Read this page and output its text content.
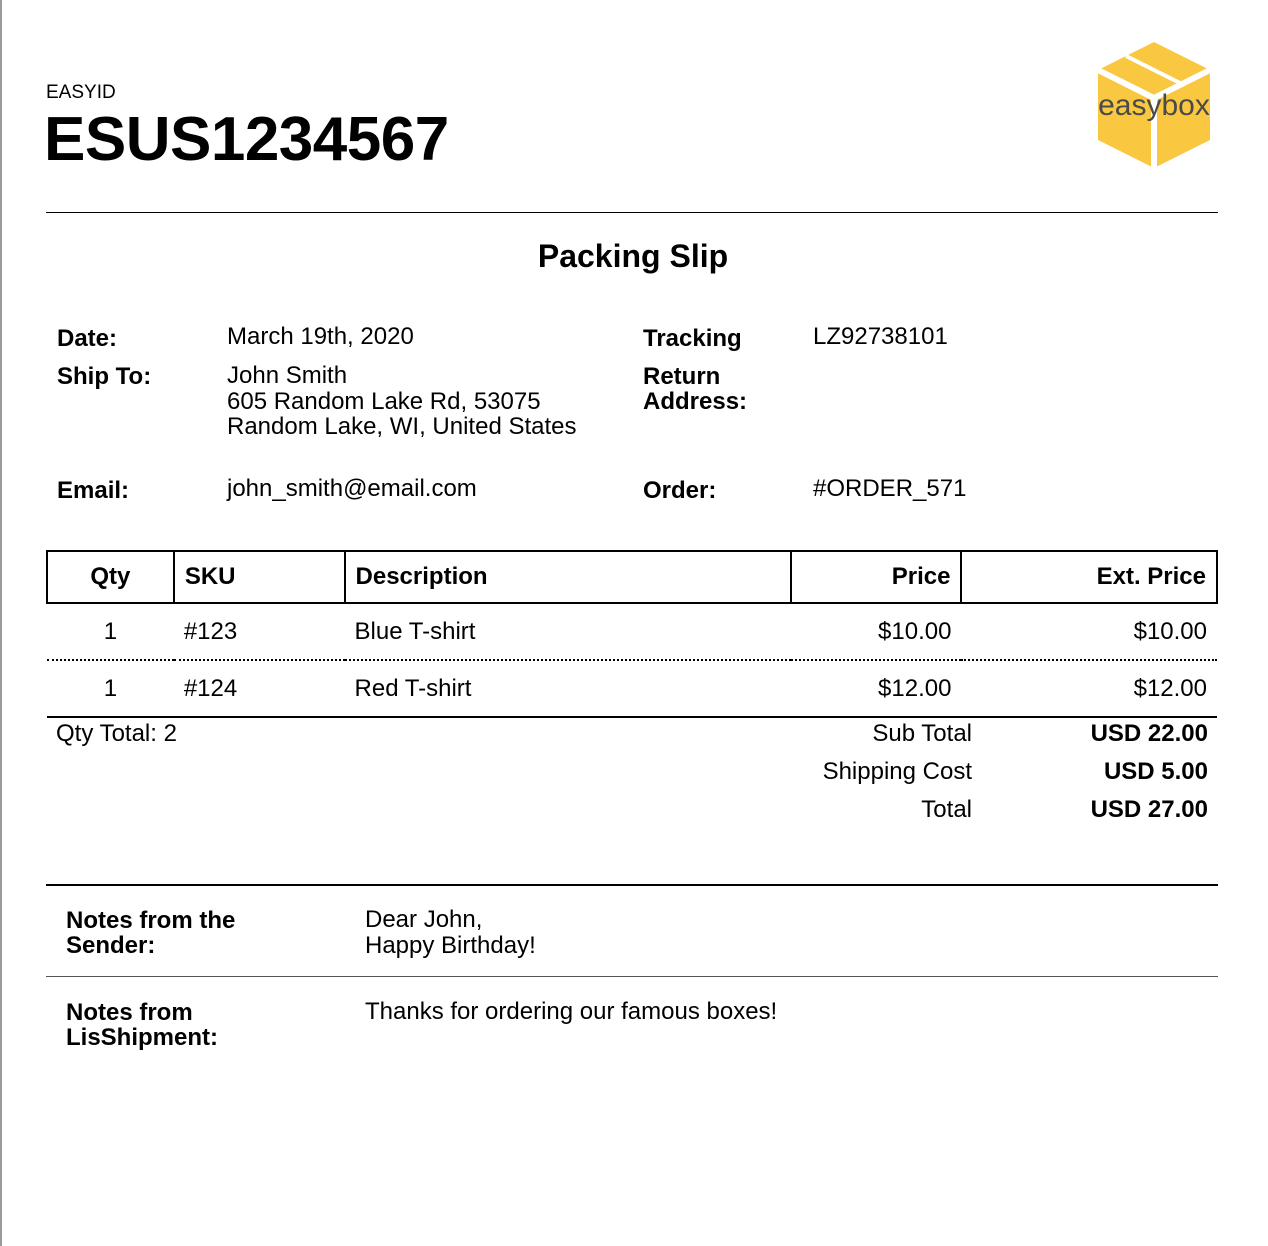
EASYID
ESUS1234567	easybox
Packing Slip
Date:	March 19th, 2020
Ship To:	John Smith
605 Random Lake Rd, 53075
Random Lake, WI, United States
Email:	john_smith@email.com
Tracking	LZ92738101
Return
Address:
Order:	#ORDER_571
Qty	SKU	Description	Price	Ext. Price
1	#123	Blue T-shirt	$10.00	$10.00
1	#124	Red T-shirt	$12.00	$12.00
Qty Total: 2	Sub Total	USD 22.00
Shipping Cost	USD 5.00
Total	USD 27.00
Notes from the
Sender:
Dear John,
Happy Birthday!
Notes from
LisShipment:
Thanks for ordering our famous boxes!
